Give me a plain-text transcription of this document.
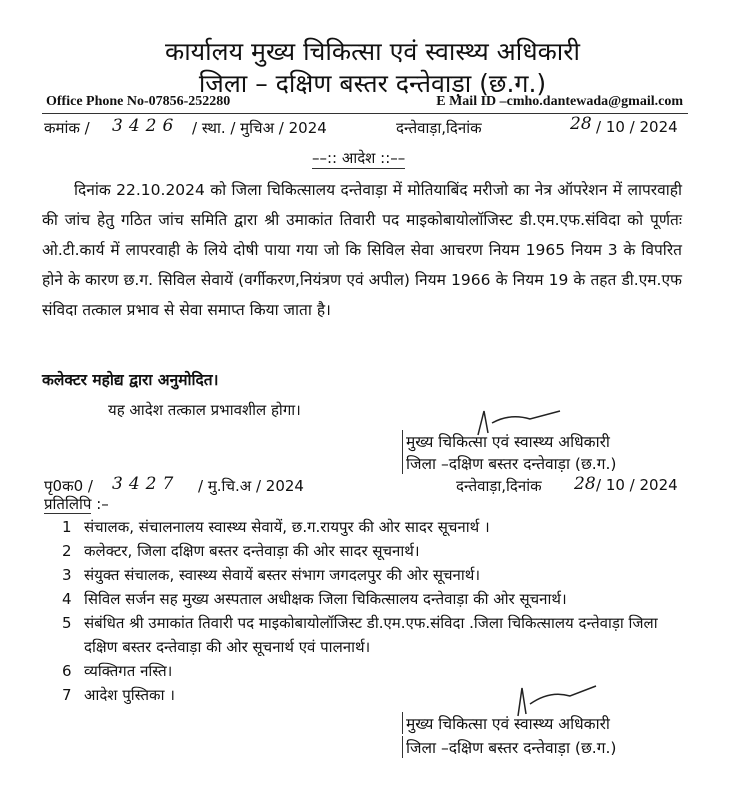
कार्यालय मुख्य चिकित्सा एवं स्वास्थ्य अधिकारी
जिला – दक्षिण बस्तर दन्तेवाड़ा (छ.ग.)
Office Phone No-07856-252280	E Mail ID –cmho.dantewada@gmail.com
कमांक / 3426 / स्था. / मुचिअ / 2024	दन्तेवाड़ा,दिनांक	28 / 10 / 2024
––:: आदेश ::––
दिनांक 22.10.2024 को जिला चिकित्सालय दन्तेवाड़ा में मोतियाबिंद मरीजो का नेत्र ऑपरेशन में लापरवाही की जांच हेतु गठित जांच समिति द्वारा श्री उमाकांत तिवारी पद माइकोबायोलॉजिस्ट डी.एम.एफ.संविदा को पूर्णतः ओ.टी.कार्य में लापरवाही के लिये दोषी पाया गया जो कि सिविल सेवा आचरण नियम 1965 नियम 3 के विपरित होने के कारण छ.ग. सिविल सेवायें (वर्गीकरण,नियंत्रण एवं अपील) नियम 1966 के नियम 19 के तहत डी.एम.एफ संविदा तत्काल प्रभाव से सेवा समाप्त किया जाता है।
कलेक्टर महोद्य द्वारा अनुमोदित।
यह आदेश तत्काल प्रभावशील होगा।
मुख्य चिकित्सा एवं स्वास्थ्य अधिकारी
जिला –दक्षिण बस्तर दन्तेवाड़ा (छ.ग.)
पृ0क0 / 3427 / मु.चि.अ / 2024	दन्तेवाड़ा,दिनांक 28 / 10 / 2024
प्रतिलिपि :–
1 संचालक, संचालनालय स्वास्थ्य सेवायें, छ.ग.रायपुर की ओर सादर सूचनार्थ ।
2 कलेक्टर, जिला दक्षिण बस्तर दन्तेवाड़ा की ओर सादर सूचनार्थ।
3 संयुक्त संचालक, स्वास्थ्य सेवायें बस्तर संभाग जगदलपुर की ओर सूचनार्थ।
4 सिविल सर्जन सह मुख्य अस्पताल अधीक्षक जिला चिकित्सालय दन्तेवाड़ा की ओर सूचनार्थ।
5 संबंधित श्री उमाकांत तिवारी पद माइकोबायोलॉजिस्ट डी.एम.एफ.संविदा .जिला चिकित्सालय दन्तेवाड़ा जिला दक्षिण बस्तर दन्तेवाड़ा की ओर सूचनार्थ एवं पालनार्थ।
6 व्यक्तिगत नस्ति।
7 आदेश पुस्तिका ।
मुख्य चिकित्सा एवं स्वास्थ्य अधिकारी
जिला –दक्षिण बस्तर दन्तेवाड़ा (छ.ग.)
